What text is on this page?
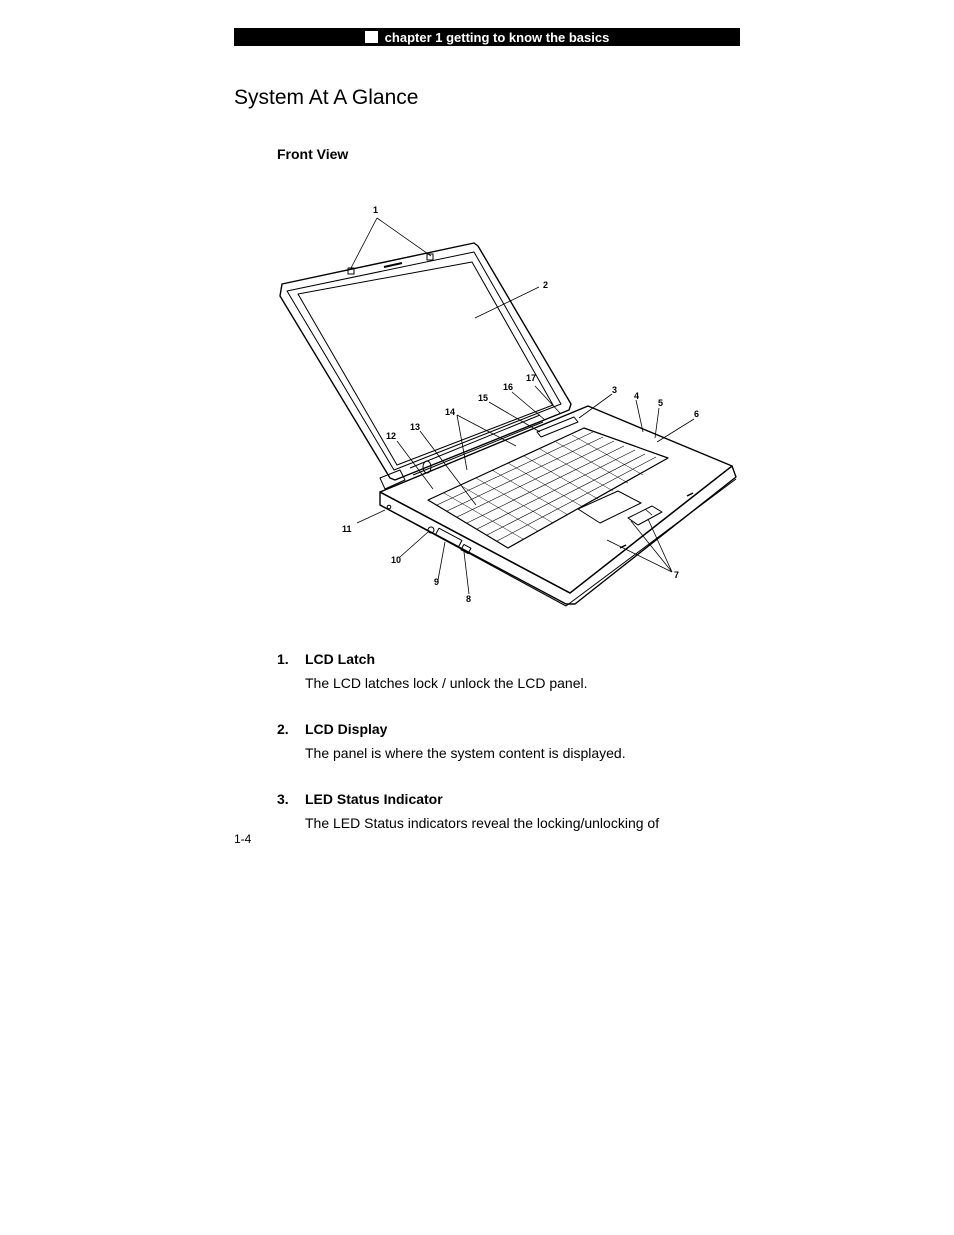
chapter 1 getting to know the basics
System At A Glance
Front View
1
2
3
4
5
6
7
8
9
10
11
12
13
14
15
16
17
1. LCD Latch
The LCD latches lock / unlock the LCD panel.
2. LCD Display
The panel is where the system content is displayed.
3. LED Status Indicator
The LED Status indicators reveal the locking/unlocking of
1-4
